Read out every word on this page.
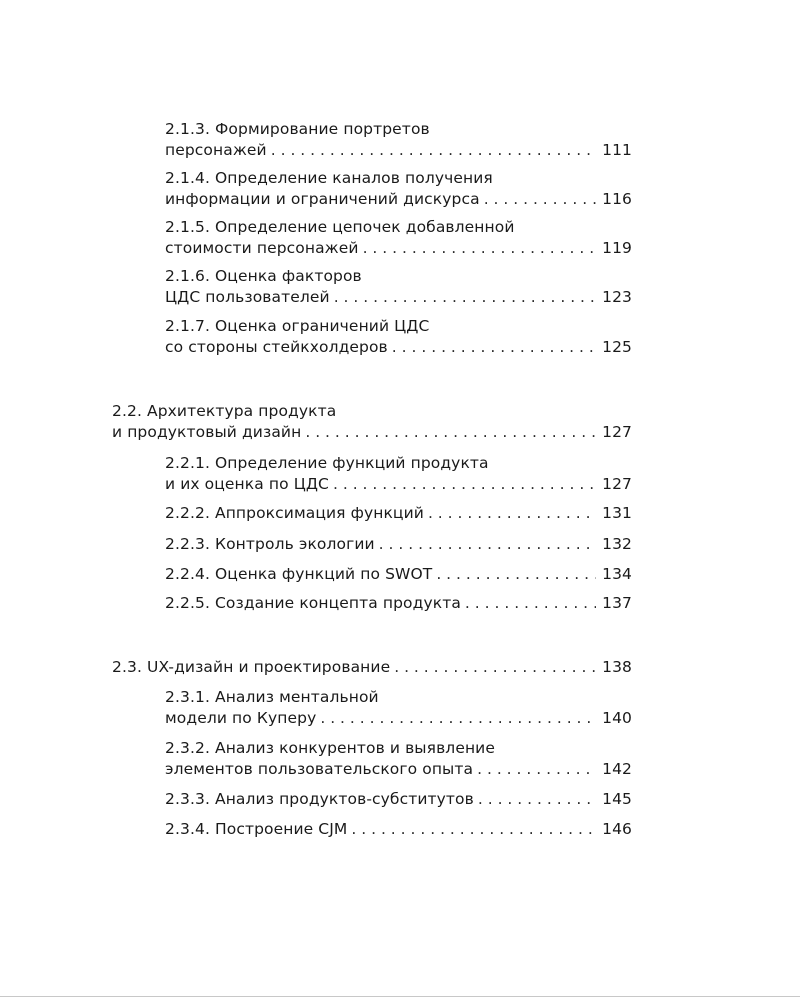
2.1.3. Формирование портретов
персонажей . . .	111
2.1.4. Определение каналов получения
информации и ограничений дискурса . . .	116
2.1.5. Определение цепочек добавленной
стоимости персонажей . . .	119
2.1.6. Оценка факторов
ЦДС пользователей . . .	123
2.1.7. Оценка ограничений ЦДС
со стороны стейкхолдеров . . .	125
2.2. Архитектура продукта
и продуктовый дизайн . . .	127
2.2.1. Определение функций продукта
и их оценка по ЦДС . . .	127
2.2.2. Аппроксимация функций . . .	131
2.2.3. Контроль экологии . . .	132
2.2.4. Оценка функций по SWOT . . .	134
2.2.5. Создание концепта продукта . . .	137
2.3. UX-дизайн и проектирование . . .	138
2.3.1. Анализ ментальной
модели по Куперу . . .	140
2.3.2. Анализ конкурентов и выявление
элементов пользовательского опыта . . .	142
2.3.3. Анализ продуктов-субститутов . . .	145
2.3.4. Построение CJM . . .	146
